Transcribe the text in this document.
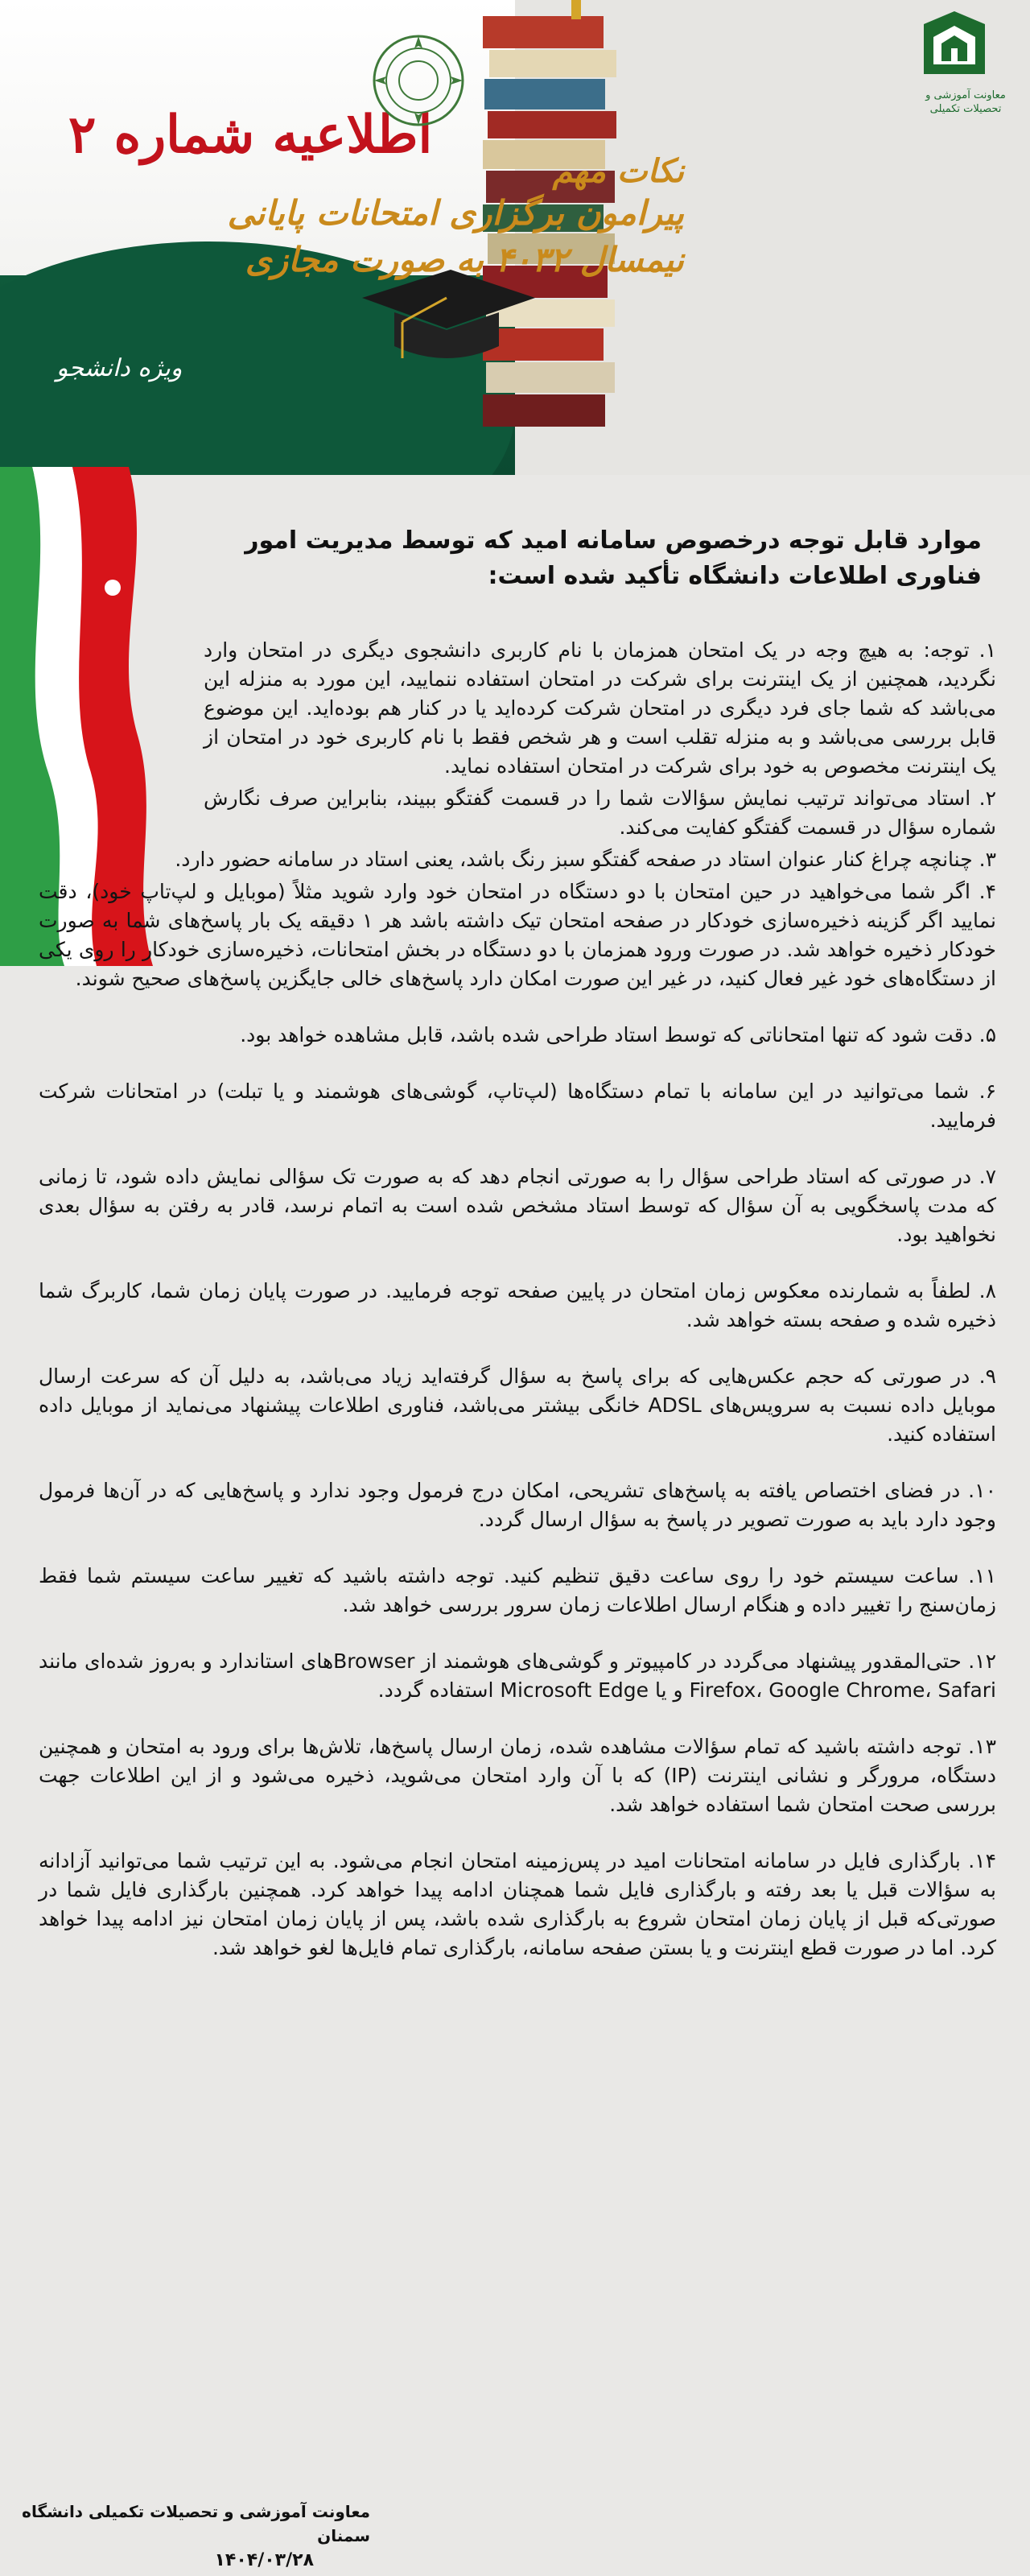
اطلاعیه شماره ۲
ویژه دانشجو
معاونت آموزشی و تحصیلات تکمیلی
نکات مهم
پیرامون برگزاری امتحانات پایانی
نیمسال ۴۰۳۲ به صورت مجازی
موارد قابل توجه درخصوص سامانه امید که توسط مدیریت امور فناوری اطلاعات دانشگاه تأکید شده است:
۱. توجه: به هیچ وجه در یک امتحان همزمان با نام کاربری دانشجوی دیگری در امتحان وارد نگردید، همچنین از یک اینترنت برای شرکت در امتحان استفاده ننمایید، این مورد به منزله این می‌باشد که شما جای فرد دیگری در امتحان شرکت کرده‌اید یا در کنار هم بوده‌اید. این موضوع قابل بررسی می‌باشد و به منزله تقلب است و هر شخص فقط با نام کاربری خود در امتحان از یک اینترنت مخصوص به خود برای شرکت در امتحان استفاده نماید.
۲. استاد می‌تواند ترتیب نمایش سؤالات شما را در قسمت گفتگو ببیند، بنابراین صرف نگارش شماره سؤال در قسمت گفتگو کفایت می‌کند.
۳. چنانچه چراغ کنار عنوان استاد در صفحه گفتگو سبز رنگ باشد، یعنی استاد در سامانه حضور دارد.
۴. اگر شما می‌خواهید در حین امتحان با دو دستگاه در امتحان خود وارد شوید مثلاً (موبایل و لپ‌تاپ خود)، دقت نمایید اگر گزینه ذخیره‌سازی خودکار در صفحه امتحان تیک داشته باشد هر ۱ دقیقه یک بار پاسخ‌های شما به صورت خودکار ذخیره خواهد شد. در صورت ورود همزمان با دو دستگاه در بخش امتحانات، ذخیره‌سازی خودکار را روی یکی از دستگاه‌های خود غیر فعال کنید، در غیر این صورت امکان دارد پاسخ‌های خالی جایگزین پاسخ‌های صحیح شوند.
۵. دقت شود که تنها امتحاناتی که توسط استاد طراحی شده باشد، قابل مشاهده خواهد بود.
۶. شما می‌توانید در این سامانه با تمام دستگاه‌ها (لپ‌تاپ، گوشی‌های هوشمند و یا تبلت) در امتحانات شرکت فرمایید.
۷. در صورتی که استاد طراحی سؤال را به صورتی انجام دهد که به صورت تک سؤالی نمایش داده شود، تا زمانی که مدت پاسخگویی به آن سؤال که توسط استاد مشخص شده است به اتمام نرسد، قادر به رفتن به سؤال بعدی نخواهید بود.
۸. لطفاً به شمارنده معکوس زمان امتحان در پایین صفحه توجه فرمایید. در صورت پایان زمان شما، کاربرگ شما ذخیره شده و صفحه بسته خواهد شد.
۹. در صورتی که حجم عکس‌هایی که برای پاسخ به سؤال گرفته‌اید زیاد می‌باشد، به دلیل آن که سرعت ارسال موبایل داده نسبت به سرویس‌های ADSL خانگی بیشتر می‌باشد، فناوری اطلاعات پیشنهاد می‌نماید از موبایل داده استفاده کنید.
۱۰. در فضای اختصاص یافته به پاسخ‌های تشریحی، امکان درج فرمول وجود ندارد و پاسخ‌هایی که در آن‌ها فرمول وجود دارد باید به صورت تصویر در پاسخ به سؤال ارسال گردد.
۱۱. ساعت سیستم خود را روی ساعت دقیق تنظیم کنید. توجه داشته باشید که تغییر ساعت سیستم شما فقط زمان‌سنج را تغییر داده و هنگام ارسال اطلاعات زمان سرور بررسی خواهد شد.
۱۲. حتی‌المقدور پیشنهاد می‌گردد در کامپیوتر و گوشی‌های هوشمند از Browserهای استاندارد و به‌روز شده‌ای مانند Firefox، Google Chrome، Safari و یا Microsoft Edge استفاده گردد.
۱۳. توجه داشته باشید که تمام سؤالات مشاهده شده، زمان ارسال پاسخ‌ها، تلاش‌ها برای ورود به امتحان و همچنین دستگاه، مرورگر و نشانی اینترنت (IP) که با آن وارد امتحان می‌شوید، ذخیره می‌شود و از این اطلاعات جهت بررسی صحت امتحان شما استفاده خواهد شد.
۱۴. بارگذاری فایل در سامانه امتحانات امید در پس‌زمینه امتحان انجام می‌شود. به این ترتیب شما می‌توانید آزادانه به سؤالات قبل یا بعد رفته و بارگذاری فایل شما همچنان ادامه پیدا خواهد کرد. همچنین بارگذاری فایل شما در صورتی‌که قبل از پایان زمان امتحان شروع به بارگذاری شده باشد، پس از پایان زمان امتحان نیز ادامه پیدا خواهد کرد. اما در صورت قطع اینترنت و یا بستن صفحه سامانه، بارگذاری تمام فایل‌ها لغو خواهد شد.
معاونت آموزشی و تحصیلات تکمیلی دانشگاه سمنان
۱۴۰۴/۰۳/۲۸
